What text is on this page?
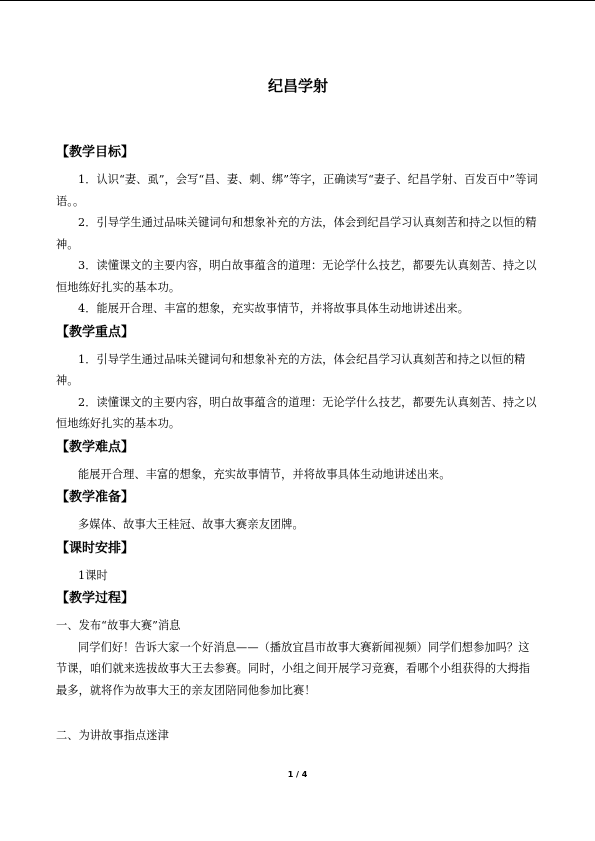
纪昌学射
【教学目标】

1．认识“妻、虱”，会写“昌、妻、刺、绑”等字，正确读写“妻子、纪昌学射、百发百中”等词语。。

2．引导学生通过品味关键词句和想象补充的方法，体会到纪昌学习认真刻苦和持之以恒的精神。

3．读懂课文的主要内容，明白故事蕴含的道理：无论学什么技艺，都要先认真刻苦、持之以恒地练好扎实的基本功。

4．能展开合理、丰富的想象，充实故事情节，并将故事具体生动地讲述出来。

【教学重点】

1．引导学生通过品味关键词句和想象补充的方法，体会纪昌学习认真刻苦和持之以恒的精神。

2．读懂课文的主要内容，明白故事蕴含的道理：无论学什么技艺，都要先认真刻苦、持之以恒地练好扎实的基本功。

【教学难点】

能展开合理、丰富的想象，充实故事情节，并将故事具体生动地讲述出来。

【教学准备】

多媒体、故事大王桂冠、故事大赛亲友团牌。

【课时安排】

1课时

【教学过程】

一、发布“故事大赛”消息

同学们好！告诉大家一个好消息——（播放宜昌市故事大赛新闻视频）同学们想参加吗？这节课，咱们就来选拔故事大王去参赛。同时，小组之间开展学习竞赛，看哪个小组获得的大拇指最多，就将作为故事大王的亲友团陪同他参加比赛！

二、为讲故事指点迷津

1 / 4
